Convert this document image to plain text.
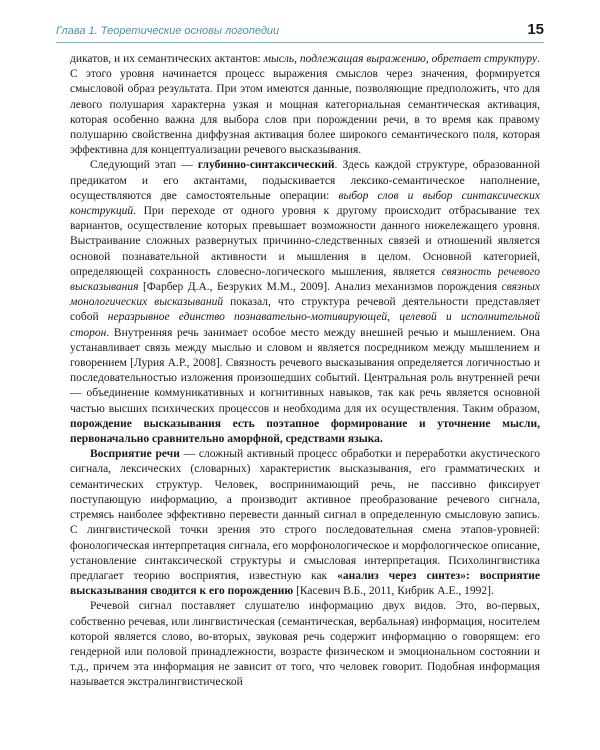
Глава 1. Теоретические основы логопедии	15

дикатов, и их семантических актантов: мысль, подлежащая выражению, обретает структуру. С этого уровня начинается процесс выражения смыслов через значения, формируется смысловой образ результата. При этом имеются данные, позволяющие предположить, что для левого полушария характерна узкая и мощная категориальная семантическая активация, которая особенно важна для выбора слов при порождении речи, в то время как правому полушарию свойственна диффузная активация более широкого семантического поля, которая эффективна для концептуализации речевого высказывания.

Следующий этап — глубинно-синтаксический. Здесь каждой структуре, образованной предикатом и его актантами, подыскивается лексико-семантическое наполнение, осуществляются две самостоятельные операции: выбор слов и выбор синтаксических конструкций. При переходе от одного уровня к другому происходит отбрасывание тех вариантов, осуществление которых превышает возможности данного нижележащего уровня. Выстраивание сложных развернутых причинно-следственных связей и отношений является основой познавательной активности и мышления в целом. Основной категорией, определяющей сохранность словесно-логического мышления, является связность речевого высказывания [Фарбер Д.А., Безруких М.М., 2009]. Анализ механизмов порождения связных монологических высказываний показал, что структура речевой деятельности представляет собой неразрывное единство познавательно-мотивирующей, целевой и исполнительной сторон. Внутренняя речь занимает особое место между внешней речью и мышлением. Она устанавливает связь между мыслью и словом и является посредником между мышлением и говорением [Лурия А.Р., 2008]. Связность речевого высказывания определяется логичностью и последовательностью изложения произошедших событий. Центральная роль внутренней речи — объединение коммуникативных и когнитивных навыков, так как речь является основной частью высших психических процессов и необходима для их осуществления. Таким образом, порождение высказывания есть поэтапное формирование и уточнение мысли, первоначально сравнительно аморфной, средствами языка.

Восприятие речи — сложный активный процесс обработки и переработки акустического сигнала, лексических (словарных) характеристик высказывания, его грамматических и семантических структур. Человек, воспринимающий речь, не пассивно фиксирует поступающую информацию, а производит активное преобразование речевого сигнала, стремясь наиболее эффективно перевести данный сигнал в определенную смысловую запись. С лингвистической точки зрения это строго последовательная смена этапов-уровней: фонологическая интерпретация сигнала, его морфонологическое и морфологическое описание, установление синтаксической структуры и смысловая интерпретация. Психолингвистика предлагает теорию восприятия, известную как «анализ через синтез»: восприятие высказывания сводится к его порождению [Касевич В.Б., 2011, Кибрик А.Е., 1992].

Речевой сигнал поставляет слушателю информацию двух видов. Это, во-первых, собственно речевая, или лингвистическая (семантическая, вербальная) информация, носителем которой является слово, во-вторых, звуковая речь содержит информацию о говорящем: его гендерной или половой принадлежности, возрасте физическом и эмоциональном состоянии и т.д., причем эта информация не зависит от того, что человек говорит. Подобная информация называется экстралингвистической
